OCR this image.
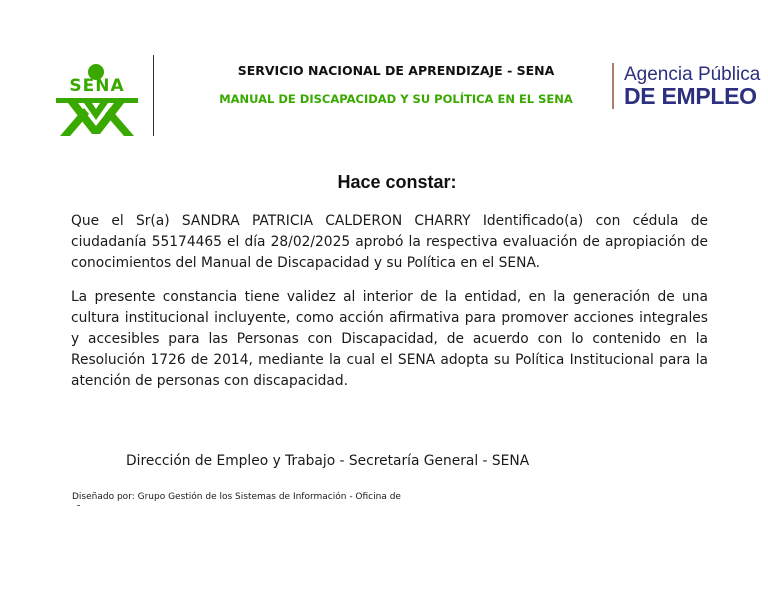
SENA
SERVICIO NACIONAL DE APRENDIZAJE - SENA
MANUAL DE DISCAPACIDAD Y SU POLÍTICA EN EL SENA
Agencia Pública
DE EMPLEO
Hace constar:

Que el Sr(a) SANDRA PATRICIA CALDERON CHARRY Identificado(a) con cédula de ciudadanía 55174465 el día 28/02/2025 aprobó la respectiva evaluación de apropiación de conocimientos del Manual de Discapacidad y su Política en el SENA.

La presente constancia tiene validez al interior de la entidad, en la generación de una cultura institucional incluyente, como acción afirmativa para promover acciones integrales y accesibles para las Personas con Discapacidad, de acuerdo con lo contenido en la Resolución 1726 de 2014, mediante la cual el SENA adopta su Política Institucional para la atención de personas con discapacidad.

Dirección de Empleo y Trabajo - Secretaría General - SENA
Diseñado por: Grupo Gestión de los Sistemas de Información - Oficina de
